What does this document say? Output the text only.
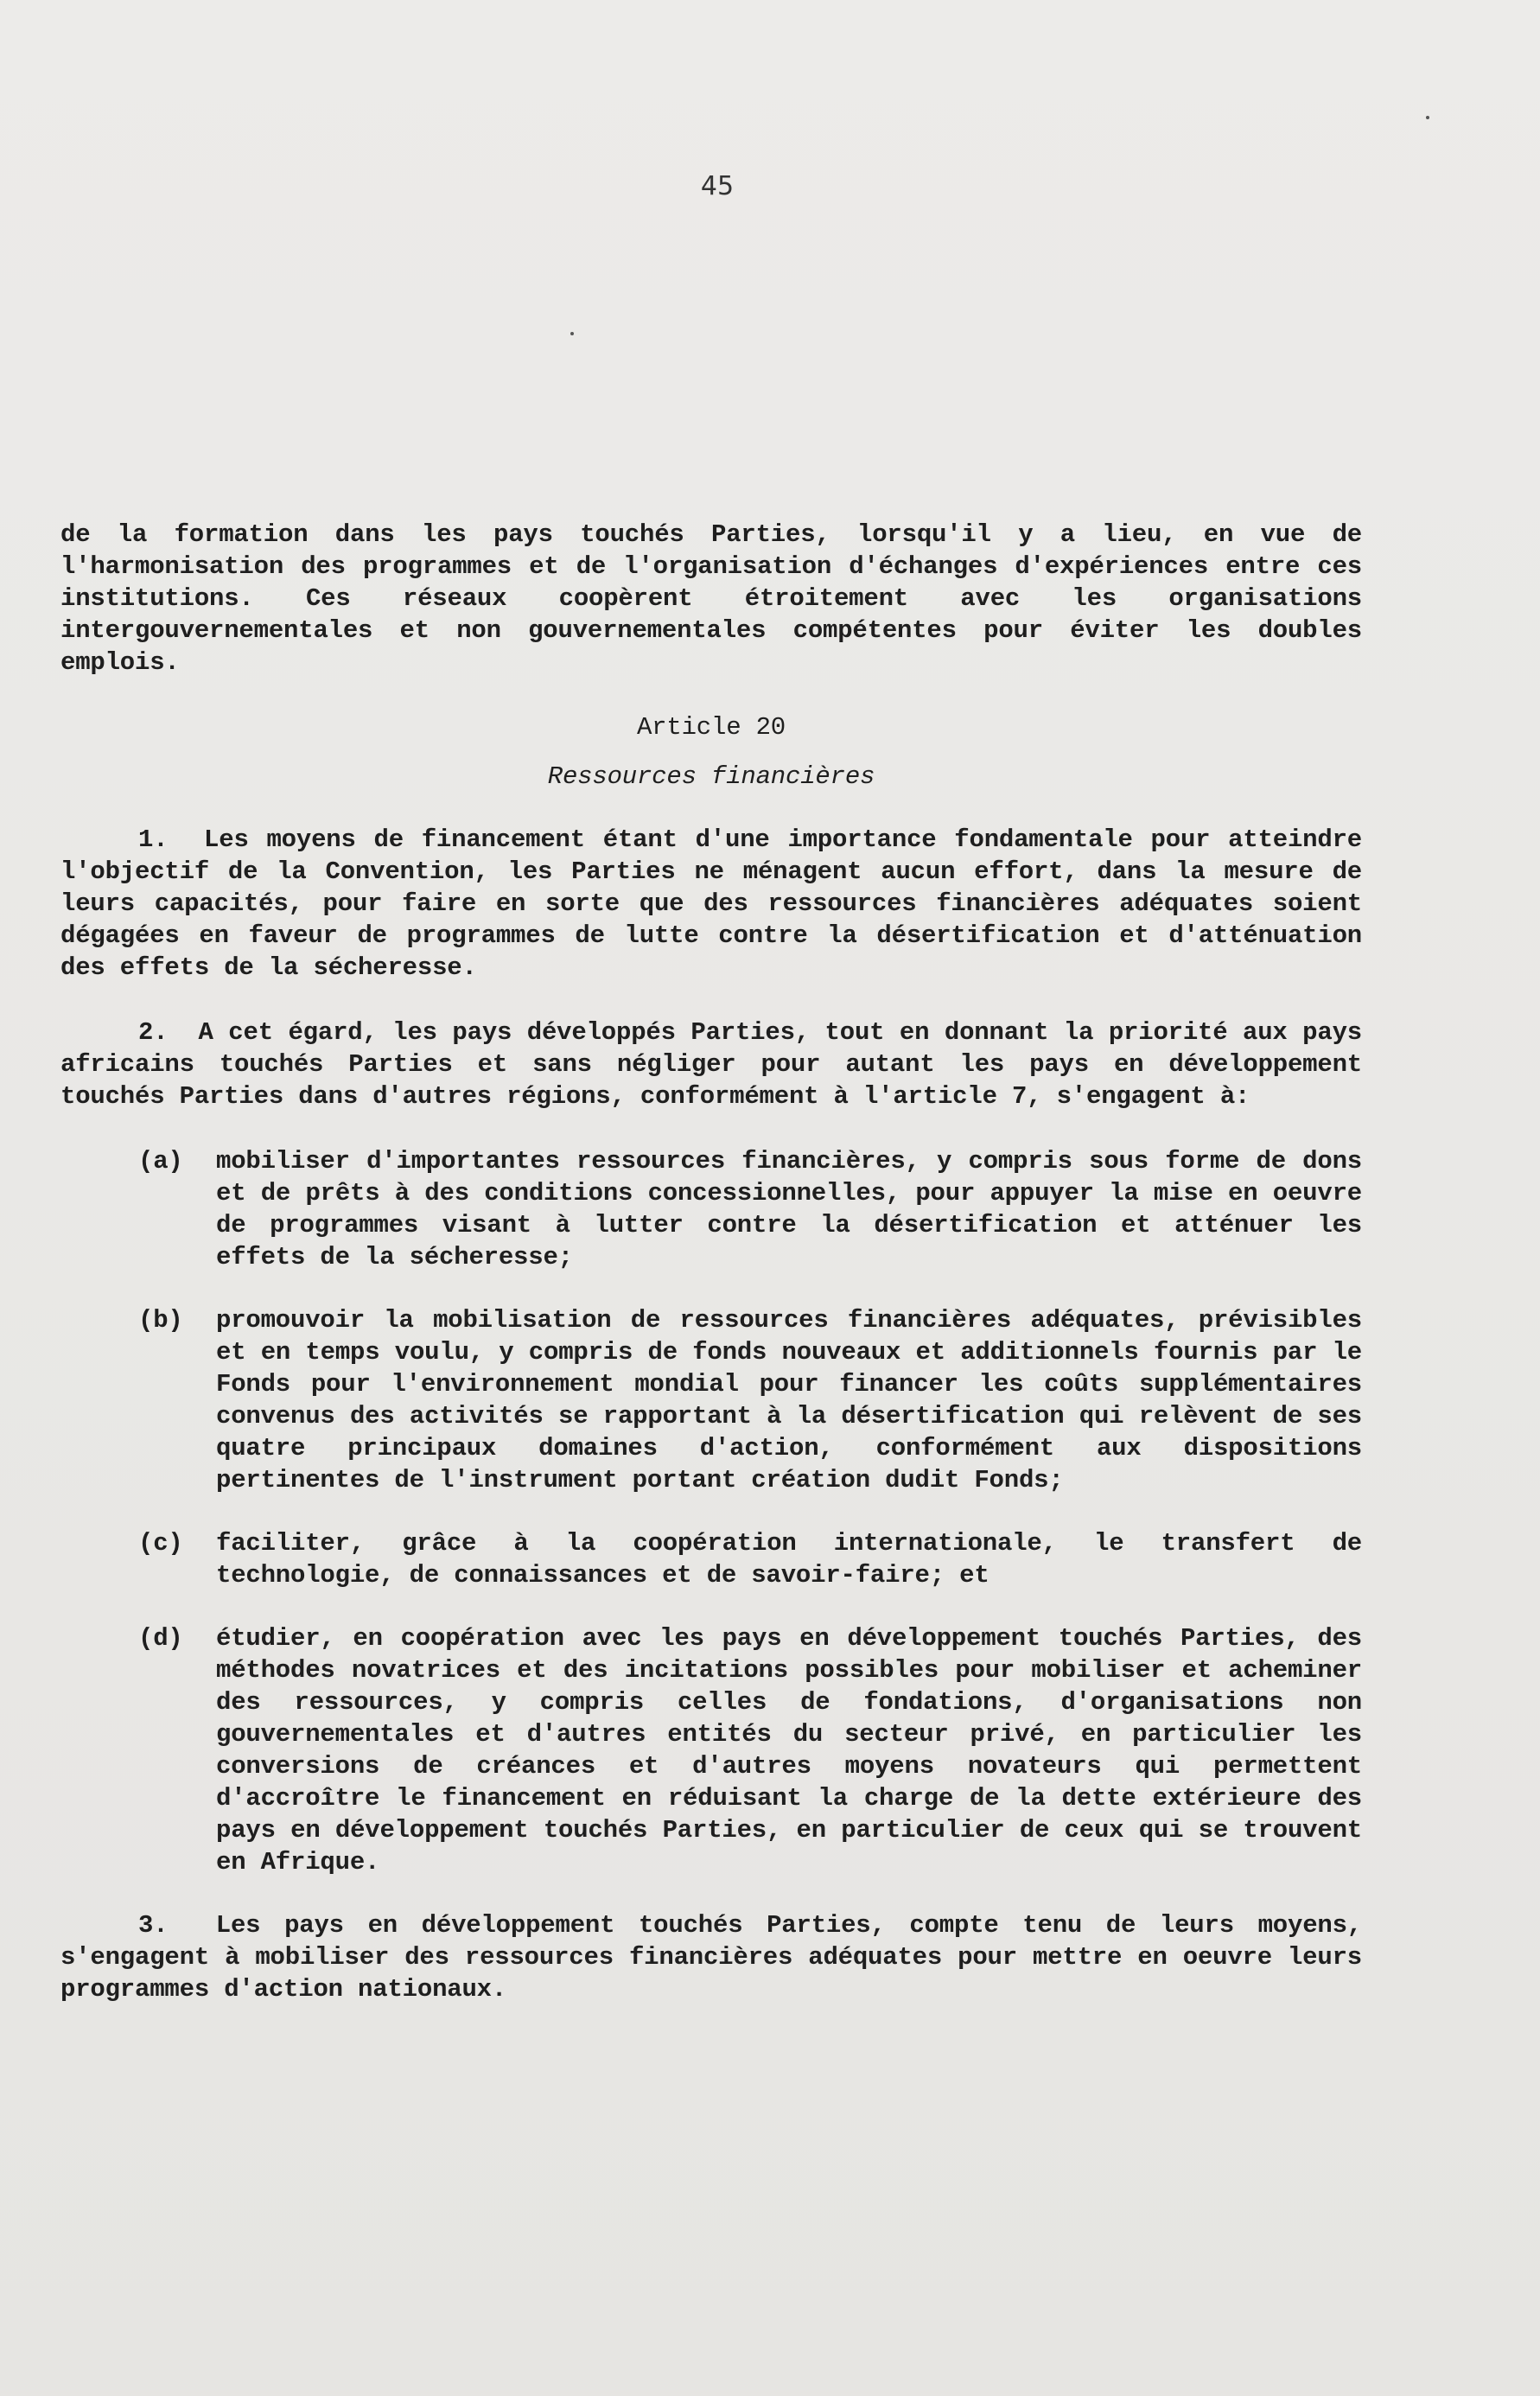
45

de la formation dans les pays touchés Parties, lorsqu'il y a lieu, en vue de l'harmonisation des programmes et de l'organisation d'échanges d'expériences entre ces institutions. Ces réseaux coopèrent étroitement avec les organisations intergouvernementales et non gouvernementales compétentes pour éviter les doubles emplois.

Article 20

Ressources financières

1. Les moyens de financement étant d'une importance fondamentale pour atteindre l'objectif de la Convention, les Parties ne ménagent aucun effort, dans la mesure de leurs capacités, pour faire en sorte que des ressources financières adéquates soient dégagées en faveur de programmes de lutte contre la désertification et d'atténuation des effets de la sécheresse.

2. A cet égard, les pays développés Parties, tout en donnant la priorité aux pays africains touchés Parties et sans négliger pour autant les pays en développement touchés Parties dans d'autres régions, conformément à l'article 7, s'engagent à:

(a)	mobiliser d'importantes ressources financières, y compris sous forme de dons et de prêts à des conditions concessionnelles, pour appuyer la mise en oeuvre de programmes visant à lutter contre la désertification et atténuer les effets de la sécheresse;
(b)	promouvoir la mobilisation de ressources financières adéquates, prévisibles et en temps voulu, y compris de fonds nouveaux et additionnels fournis par le Fonds pour l'environnement mondial pour financer les coûts supplémentaires convenus des activités se rapportant à la désertification qui relèvent de ses quatre principaux domaines d'action, conformément aux dispositions pertinentes de l'instrument portant création dudit Fonds;
(c)	faciliter, grâce à la coopération internationale, le transfert de technologie, de connaissances et de savoir-faire; et
(d)	étudier, en coopération avec les pays en développement touchés Parties, des méthodes novatrices et des incitations possibles pour mobiliser et acheminer des ressources, y compris celles de fondations, d'organisations non gouvernementales et d'autres entités du secteur privé, en particulier les conversions de créances et d'autres moyens novateurs qui permettent d'accroître le financement en réduisant la charge de la dette extérieure des pays en développement touchés Parties, en particulier de ceux qui se trouvent en Afrique.

3. Les pays en développement touchés Parties, compte tenu de leurs moyens, s'engagent à mobiliser des ressources financières adéquates pour mettre en oeuvre leurs programmes d'action nationaux.
